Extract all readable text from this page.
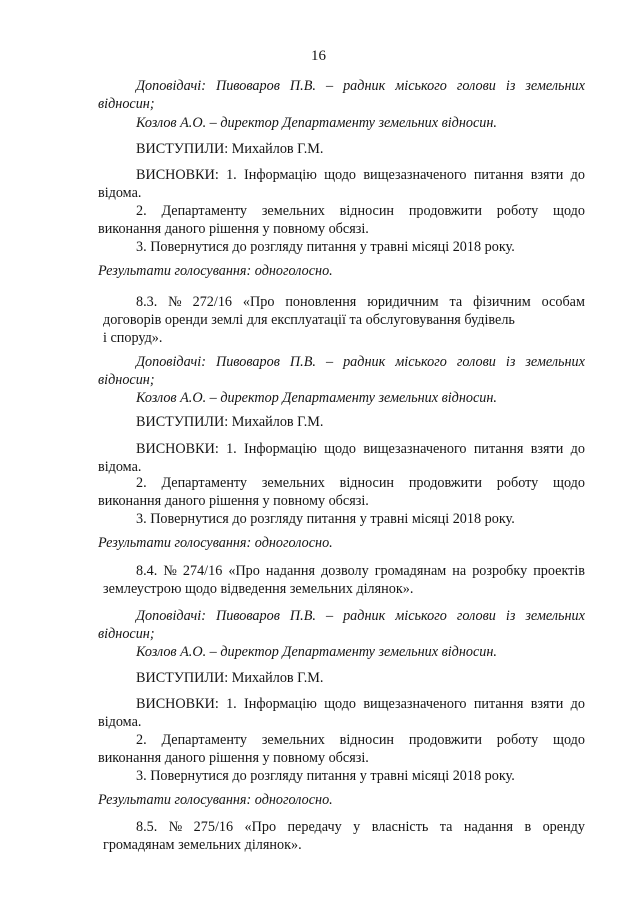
16
Доповідачі: Пивоваров П.В. – радник міського голови із земельних
відносин;
Козлов А.О. – директор Департаменту земельних відносин.
ВИСТУПИЛИ: Михайлов Г.М.
ВИСНОВКИ: 1. Інформацію щодо вищезазначеного питання взяти до
відома.
2. Департаменту земельних відносин продовжити роботу щодо
виконання даного рішення у повному обсязі.
3. Повернутися до розгляду питання у травні місяці 2018 року.
Результати голосування: одноголосно.
8.3. № 272/16 «Про поновлення юридичним та фізичним особам
договорів оренди землі для експлуатації та обслуговування будівель
і споруд».
Доповідачі: Пивоваров П.В. – радник міського голови із земельних
відносин;
Козлов А.О. – директор Департаменту земельних відносин.
ВИСТУПИЛИ: Михайлов Г.М.
ВИСНОВКИ: 1. Інформацію щодо вищезазначеного питання взяти до
відома.
2. Департаменту земельних відносин продовжити роботу щодо
виконання даного рішення у повному обсязі.
3. Повернутися до розгляду питання у травні місяці 2018 року.
Результати голосування: одноголосно.
8.4. № 274/16 «Про надання дозволу громадянам на розробку проектів
землеустрою щодо відведення земельних ділянок».
Доповідачі: Пивоваров П.В. – радник міського голови із земельних
відносин;
Козлов А.О. – директор Департаменту земельних відносин.
ВИСТУПИЛИ: Михайлов Г.М.
ВИСНОВКИ: 1. Інформацію щодо вищезазначеного питання взяти до
відома.
2. Департаменту земельних відносин продовжити роботу щодо
виконання даного рішення у повному обсязі.
3. Повернутися до розгляду питання у травні місяці 2018 року.
Результати голосування: одноголосно.
8.5. № 275/16 «Про передачу у власність та надання в оренду
громадянам земельних ділянок».
